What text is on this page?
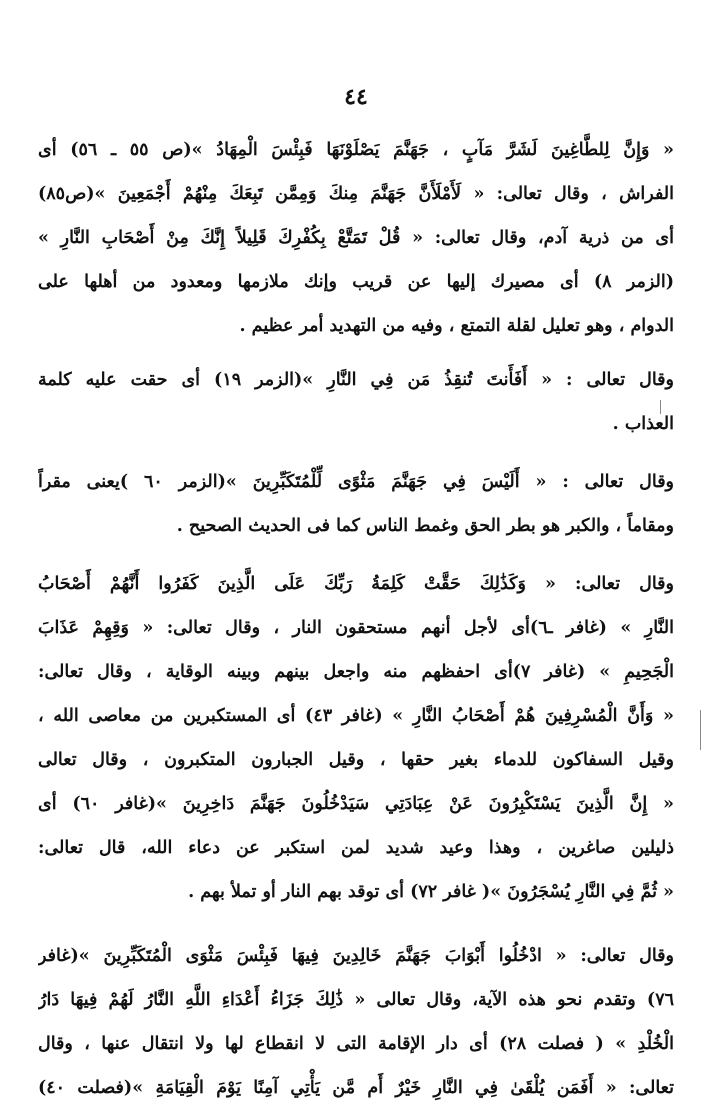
٤٤
« وَإِنَّ لِلطَّاغِينَ لَشَرَّ مَآبٍ ، جَهَنَّمَ يَصْلَوْنَهَا فَبِئْسَ الْمِهَادُ »(ص ٥٥ ـ ٥٦) أى
الفراش ، وقال تعالى: « لَأَمْلَأَنَّ جَهَنَّمَ مِنكَ وَمِمَّن تَبِعَكَ مِنْهُمْ أَجْمَعِينَ »(ص٨٥)
أى من ذرية آدم، وقال تعالى: « قُلْ تَمَتَّعْ بِكُفْرِكَ قَلِيلاً إِنَّكَ مِنْ أَصْحَابِ النَّارِ »
(الزمر ٨) أى مصيرك إليها عن قريب وإنك ملازمها ومعدود من أهلها على
الدوام ، وهو تعليل لقلة التمتع ، وفيه من التهديد أمر عظيم .
وقال تعالى : « أَفَأَنتَ تُنقِذُ مَن فِي النَّارِ »(الزمر ١٩) أى حقت عليه كلمة
العذاب .
وقال تعالى : « أَلَيْسَ فِي جَهَنَّمَ مَثْوًى لِّلْمُتَكَبِّرِينَ »(الزمر ٦٠ )يعنى مقراً
ومقاماً ، والكبر هو بطر الحق وغمط الناس كما فى الحديث الصحيح .
وقال تعالى: « وَكَذَٰلِكَ حَقَّتْ كَلِمَةُ رَبِّكَ عَلَى الَّذِينَ كَفَرُوا أَنَّهُمْ أَصْحَابُ
النَّارِ » (غافر ـ٦)أى لأجل أنهم مستحقون النار ، وقال تعالى: « وَقِهِمْ عَذَابَ
الْجَحِيمِ » (غافر ٧)أى احفظهم منه واجعل بينهم وبينه الوقاية ، وقال تعالى:
« وَأَنَّ الْمُسْرِفِينَ هُمْ أَصْحَابُ النَّارِ » (غافر ٤٣) أى المستكبرين من معاصى الله ،
وقيل السفاكون للدماء بغير حقها ، وقيل الجبارون المتكبرون ، وقال تعالى
« إِنَّ الَّذِينَ يَسْتَكْبِرُونَ عَنْ عِبَادَتِي سَيَدْخُلُونَ جَهَنَّمَ دَاخِرِينَ »(غافر ٦٠) أى
ذليلين صاغرين ، وهذا وعيد شديد لمن استكبر عن دعاء الله، قال تعالى:
« ثُمَّ فِي النَّارِ يُسْجَرُونَ »( غافر ٧٢) أى توقد بهم النار أو تملأ بهم .
وقال تعالى: « ادْخُلُوا أَبْوَابَ جَهَنَّمَ خَالِدِينَ فِيهَا فَبِئْسَ مَثْوَى الْمُتَكَبِّرِينَ »(غافر
٧٦) وتقدم نحو هذه الآية، وقال تعالى « ذَٰلِكَ جَزَاءُ أَعْدَاءِ اللَّهِ النَّارُ لَهُمْ فِيهَا دَارُ
الْخُلْدِ » ( فصلت ٢٨) أى دار الإقامة التى لا انقطاع لها ولا انتقال عنها ، وقال
تعالى: « أَفَمَن يُلْقَىٰ فِي النَّارِ خَيْرٌ أَم مَّن يَأْتِي آمِنًا يَوْمَ الْقِيَامَةِ »(فصلت ٤٠)
